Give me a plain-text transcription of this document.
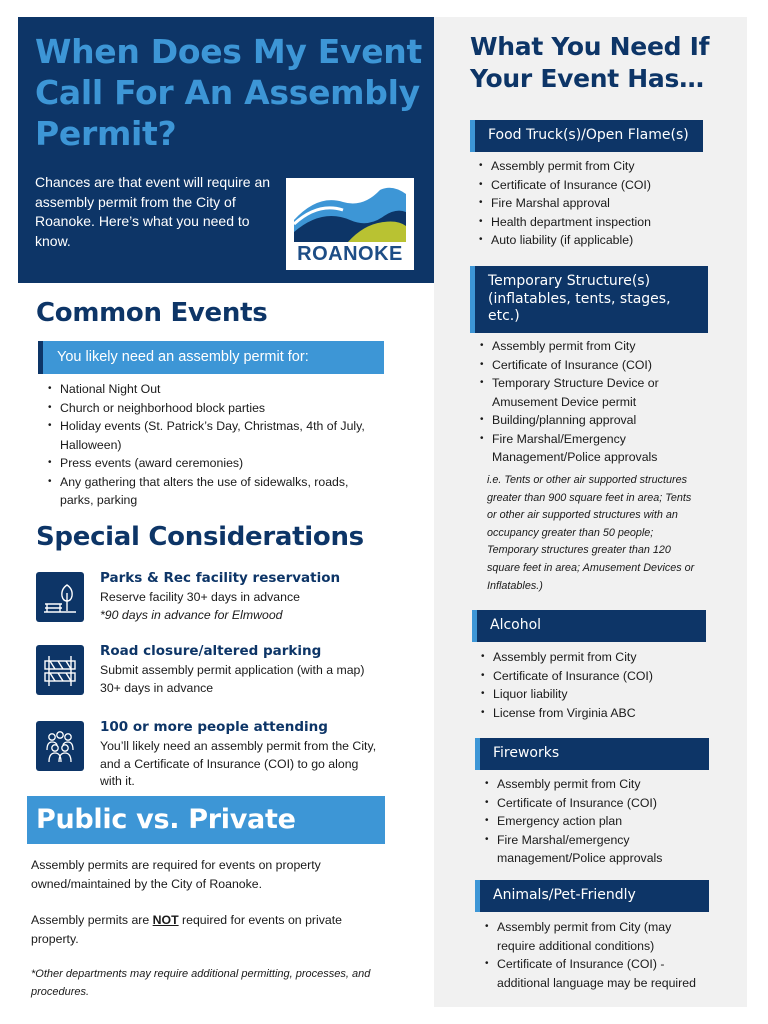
When Does My Event Call For An Assembly Permit?
Chances are that event will require an assembly permit from the City of Roanoke. Here’s what you need to know.
ROANOKE
Common Events
You likely need an assembly permit for:
• National Night Out
• Church or neighborhood block parties
• Holiday events (St. Patrick’s Day, Christmas, 4th of July, Halloween)
• Press events (award ceremonies)
• Any gathering that alters the use of sidewalks, roads, parks, parking
Special Considerations
Parks & Rec facility reservation
Reserve facility 30+ days in advance
*90 days in advance for Elmwood
Road closure/altered parking
Submit assembly permit application (with a map) 30+ days in advance
100 or more people attending
You’ll likely need an assembly permit from the City, and a Certificate of Insurance (COI) to go along with it.
Public vs. Private
Assembly permits are required for events on property owned/maintained by the City of Roanoke.
Assembly permits are NOT required for events on private property.
*Other departments may require additional permitting, processes, and procedures.
What You Need If Your Event Has…
Food Truck(s)/Open Flame(s)
• Assembly permit from City
• Certificate of Insurance (COI)
• Fire Marshal approval
• Health department inspection
• Auto liability (if applicable)
Temporary Structure(s) (inflatables, tents, stages, etc.)
• Assembly permit from City
• Certificate of Insurance (COI)
• Temporary Structure Device or Amusement Device permit
• Building/planning approval
• Fire Marshal/Emergency Management/Police approvals
i.e. Tents or other air supported structures greater than 900 square feet in area; Tents or other air supported structures with an occupancy greater than 50 people; Temporary structures greater than 120 square feet in area; Amusement Devices or Inflatables.)
Alcohol
• Assembly permit from City
• Certificate of Insurance (COI)
• Liquor liability
• License from Virginia ABC
Fireworks
• Assembly permit from City
• Certificate of Insurance (COI)
• Emergency action plan
• Fire Marshal/emergency management/Police approvals
Animals/Pet-Friendly
• Assembly permit from City (may require additional conditions)
• Certificate of Insurance (COI) - additional language may be required
